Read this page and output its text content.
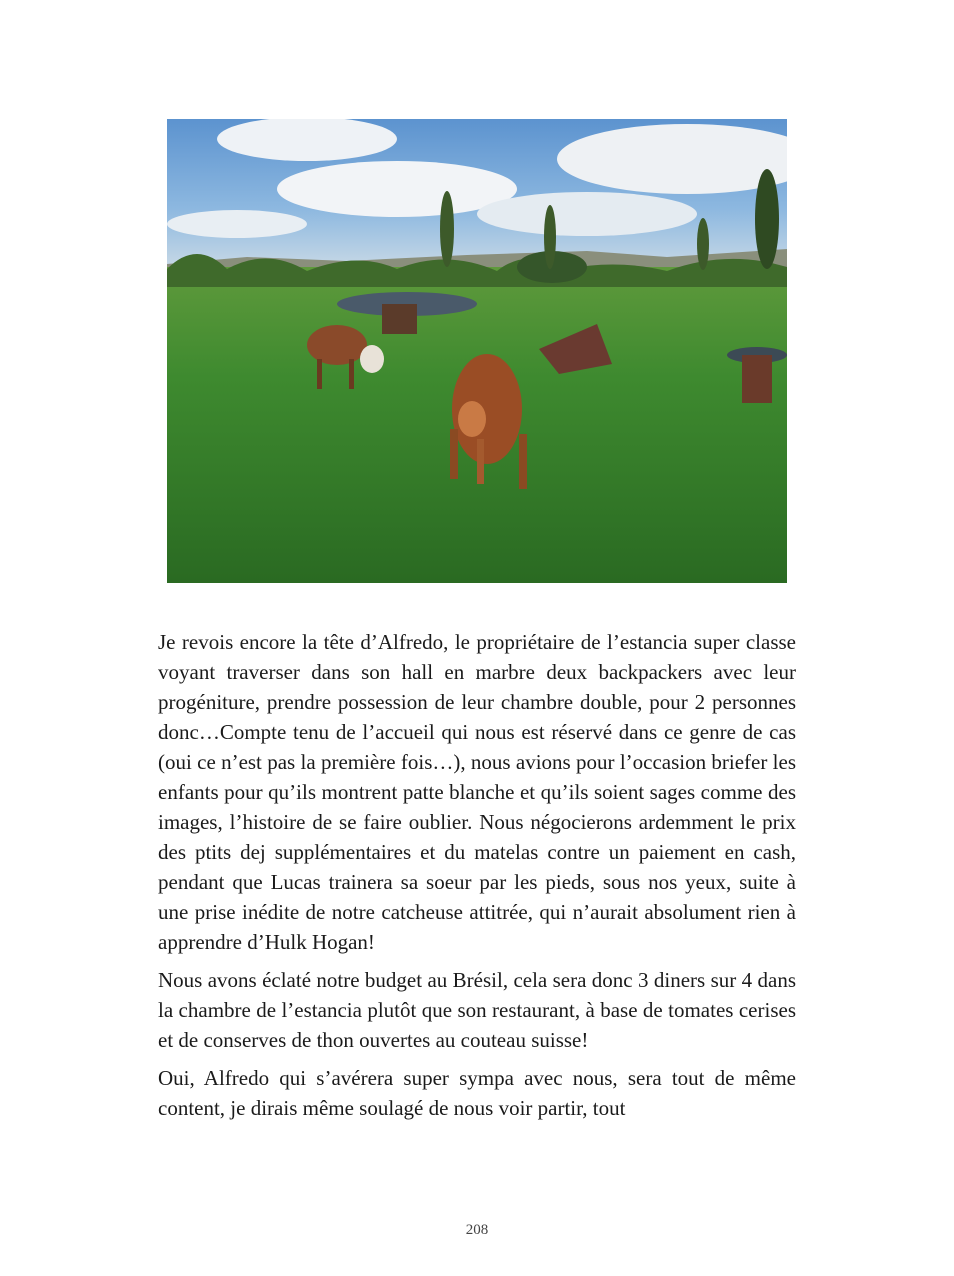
Je revois encore la tête d’Alfredo, le propriétaire de l’estancia super classe voyant traverser dans son hall en marbre deux backpackers avec leur progéniture, prendre possession de leur chambre double, pour 2 personnes donc…Compte tenu de l’accueil qui nous est réservé dans ce genre de cas (oui ce n’est pas la première fois…), nous avions pour l’occasion briefer les enfants pour qu’ils montrent patte blanche et qu’ils soient sages comme des images, l’histoire de se faire oublier. Nous négocierons ardemment le prix des ptits dej supplémentaires et du matelas contre un paiement en cash, pendant que Lucas trainera sa soeur par les pieds, sous nos yeux, suite à une prise inédite de notre catcheuse attitrée, qui n’aurait absolument rien à apprendre d’Hulk Hogan!

Nous avons éclaté notre budget au Brésil, cela sera donc 3 diners sur 4 dans la chambre de l’estancia plutôt que son restaurant, à base de tomates cerises et de conserves de thon ouvertes au couteau suisse!

Oui, Alfredo qui s’avérera super sympa avec nous, sera tout de même content, je dirais même soulagé de nous voir partir, tout

208
